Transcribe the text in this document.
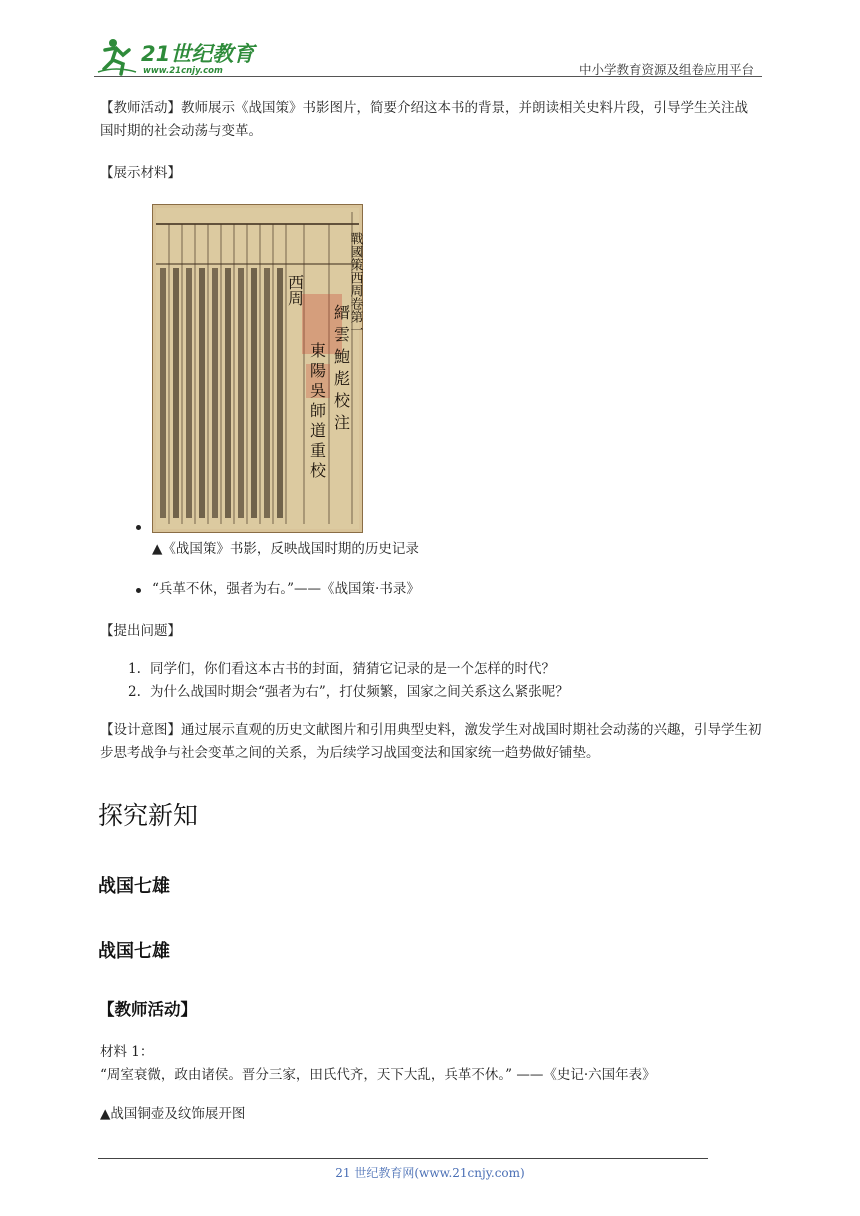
21世纪教育
www.21cnjy.com	中小学教育资源及组卷应用平台
【教师活动】教师展示《战国策》书影图片，简要介绍这本书的背景，并朗读相关史料片段，引导学生关注战国时期的社会动荡与变革。
【展示材料】
西周	戰國策西周卷第一
縉雲鮑彪校注
東陽吳師道重校
▲《战国策》书影，反映战国时期的历史记录
“兵革不休，强者为右。”——《战国策·书录》
【提出问题】
1. 同学们，你们看这本古书的封面，猜猜它记录的是一个怎样的时代？
2. 为什么战国时期会“强者为右”，打仗频繁，国家之间关系这么紧张呢？
【设计意图】通过展示直观的历史文献图片和引用典型史料，激发学生对战国时期社会动荡的兴趣，引导学生初步思考战争与社会变革之间的关系，为后续学习战国变法和国家统一趋势做好铺垫。
探究新知
战国七雄
战国七雄
【教师活动】
材料 1：
“周室衰微，政由诸侯。晋分三家，田氏代齐，天下大乱，兵革不休。” ——《史记·六国年表》
▲战国铜壶及纹饰展开图
21 世纪教育网(www.21cnjy.com)
